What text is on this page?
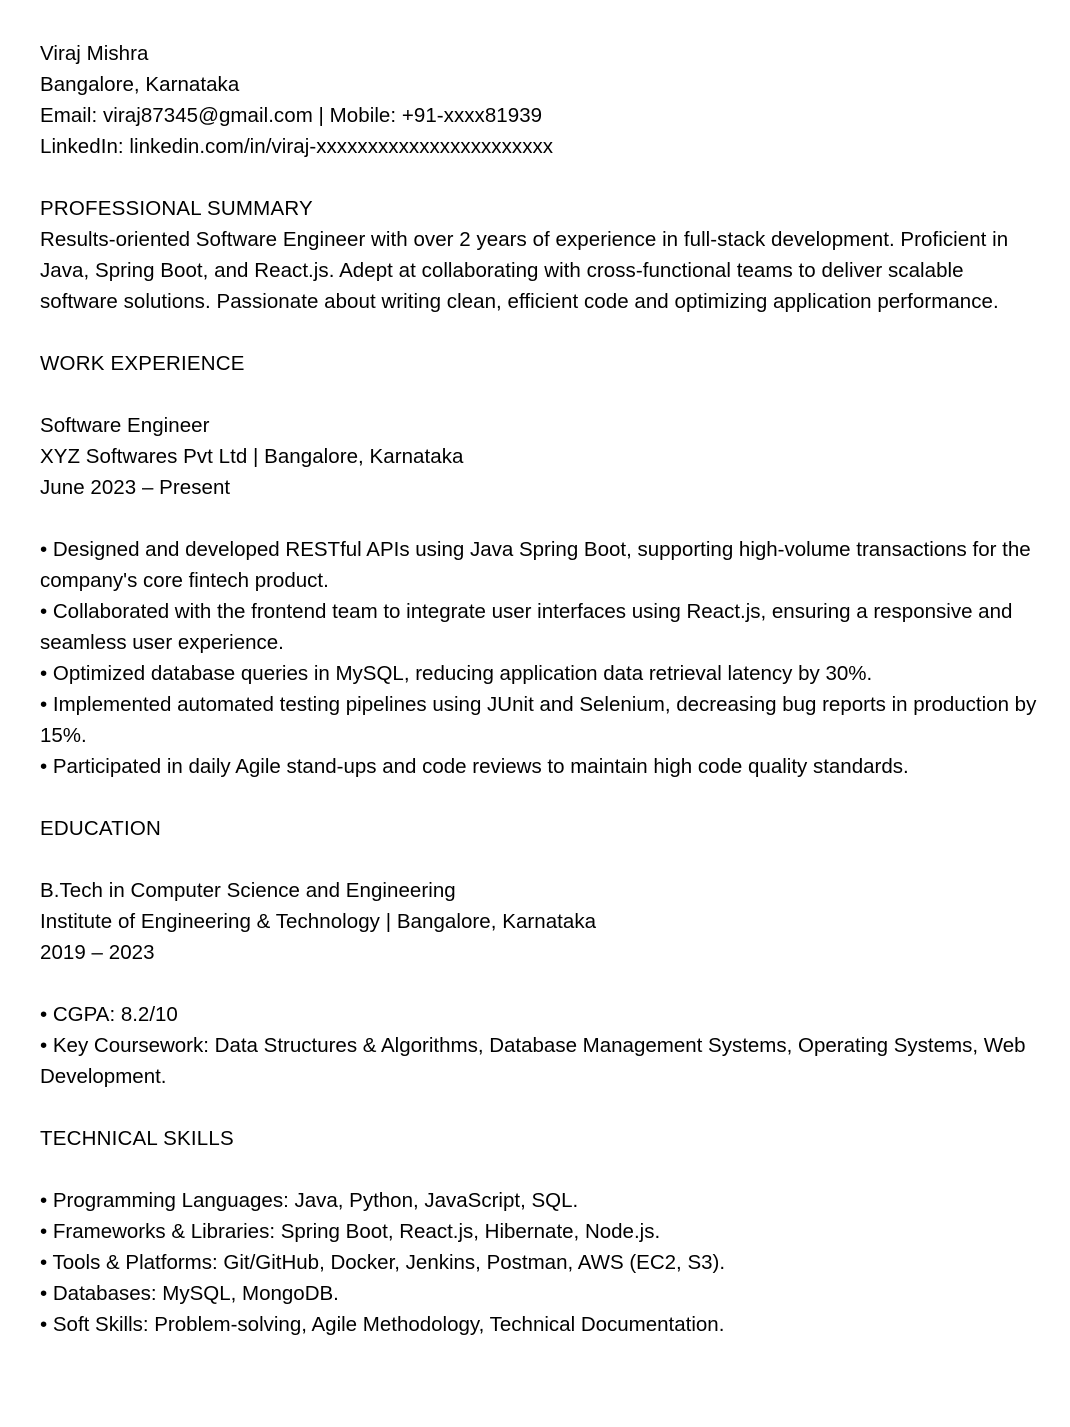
Viraj Mishra
Bangalore, Karnataka
Email: viraj87345@gmail.com | Mobile: +91-xxxx81939
LinkedIn: linkedin.com/in/viraj-xxxxxxxxxxxxxxxxxxxxxxx
PROFESSIONAL SUMMARY
Results-oriented Software Engineer with over 2 years of experience in full-stack development. Proficient in Java, Spring Boot, and React.js. Adept at collaborating with cross-functional teams to deliver scalable software solutions. Passionate about writing clean, efficient code and optimizing application performance.
WORK EXPERIENCE
Software Engineer
XYZ Softwares Pvt Ltd | Bangalore, Karnataka
June 2023 – Present
• Designed and developed RESTful APIs using Java Spring Boot, supporting high-volume transactions for the company's core fintech product.
• Collaborated with the frontend team to integrate user interfaces using React.js, ensuring a responsive and seamless user experience.
• Optimized database queries in MySQL, reducing application data retrieval latency by 30%.
• Implemented automated testing pipelines using JUnit and Selenium, decreasing bug reports in production by 15%.
• Participated in daily Agile stand-ups and code reviews to maintain high code quality standards.
EDUCATION
B.Tech in Computer Science and Engineering
Institute of Engineering & Technology | Bangalore, Karnataka
2019 – 2023
• CGPA: 8.2/10
• Key Coursework: Data Structures & Algorithms, Database Management Systems, Operating Systems, Web Development.
TECHNICAL SKILLS
• Programming Languages: Java, Python, JavaScript, SQL.
• Frameworks & Libraries: Spring Boot, React.js, Hibernate, Node.js.
• Tools & Platforms: Git/GitHub, Docker, Jenkins, Postman, AWS (EC2, S3).
• Databases: MySQL, MongoDB.
• Soft Skills: Problem-solving, Agile Methodology, Technical Documentation.
